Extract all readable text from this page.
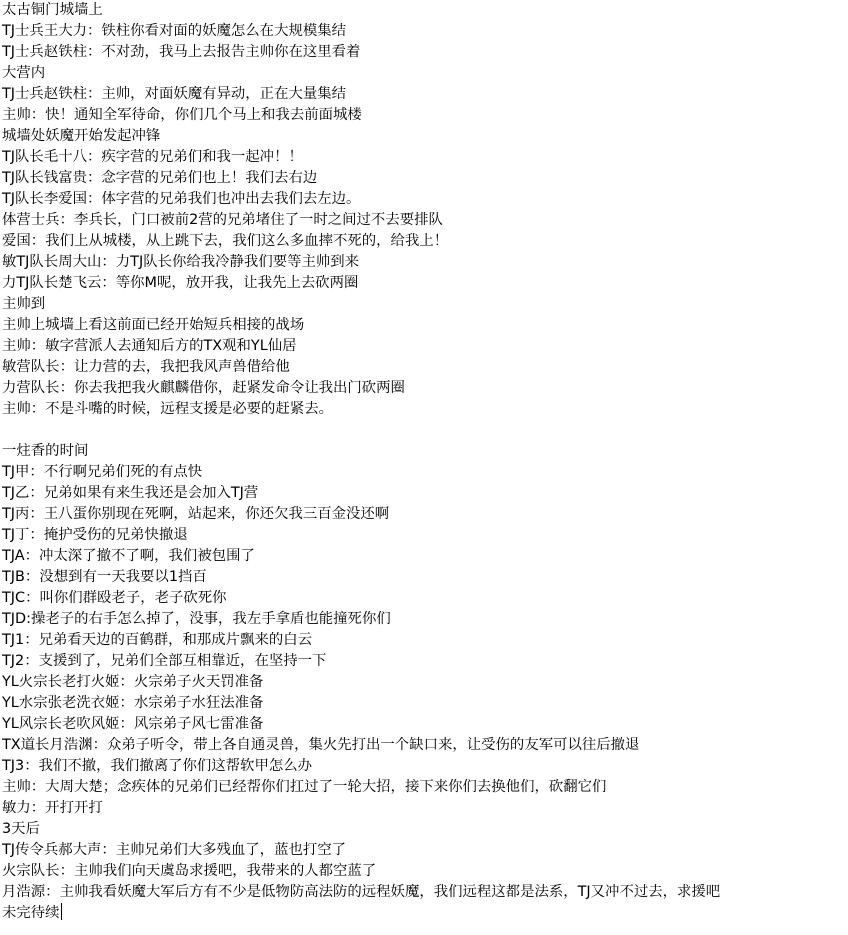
太古铜门城墙上
TJ士兵王大力：铁柱你看对面的妖魔怎么在大规模集结
TJ士兵赵铁柱：不对劲，我马上去报告主帅你在这里看着
大营内
TJ士兵赵铁柱：主帅，对面妖魔有异动，正在大量集结
主帅：快！通知全军待命，你们几个马上和我去前面城楼
城墙处妖魔开始发起冲锋
TJ队长毛十八：疾字营的兄弟们和我一起冲！！
TJ队长钱富贵：念字营的兄弟们也上！我们去右边
TJ队长李爱国：体字营的兄弟我们也冲出去我们去左边。
体营士兵：李兵长，门口被前2营的兄弟堵住了一时之间过不去要排队
爱国：我们上从城楼，从上跳下去，我们这么多血摔不死的，给我上！
敏TJ队长周大山：力TJ队长你给我冷静我们要等主帅到来
力TJ队长楚飞云：等你M呢，放开我，让我先上去砍两圈
主帅到
主帅上城墙上看这前面已经开始短兵相接的战场
主帅：敏字营派人去通知后方的TX观和YL仙居
敏营队长：让力营的去，我把我风声兽借给他
力营队长：你去我把我火麒麟借你，赶紧发命令让我出门砍两圈
主帅：不是斗嘴的时候，远程支援是必要的赶紧去。
一炷香的时间
TJ甲：不行啊兄弟们死的有点快
TJ乙：兄弟如果有来生我还是会加入TJ营
TJ丙：王八蛋你别现在死啊，站起来，你还欠我三百金没还啊
TJ丁：掩护受伤的兄弟快撤退
TJA：冲太深了撤不了啊，我们被包围了
TJB：没想到有一天我要以1挡百
TJC：叫你们群殴老子，老子砍死你
TJD:操老子的右手怎么掉了，没事，我左手拿盾也能撞死你们
TJ1：兄弟看天边的百鹤群，和那成片飘来的白云
TJ2：支援到了，兄弟们全部互相靠近，在坚持一下
YL火宗长老打火姬：火宗弟子火天罚准备
YL水宗张老洗衣姬：水宗弟子水狂法准备
YL风宗长老吹风姬：风宗弟子风七雷准备
TX道长月浩渊：众弟子听令，带上各自通灵兽，集火先打出一个缺口来，让受伤的友军可以往后撤退
TJ3：我们不撤，我们撤离了你们这帮软甲怎么办
主帅：大周大楚；念疾体的兄弟们已经帮你们扛过了一轮大招，接下来你们去换他们，砍翻它们
敏力：开打开打
3天后
TJ传令兵郝大声：主帅兄弟们大多残血了，蓝也打空了
火宗队长：主帅我们向天虞岛求援吧，我带来的人都空蓝了
月浩源：主帅我看妖魔大军后方有不少是低物防高法防的远程妖魔，我们远程这都是法系，TJ又冲不过去，求援吧
未完待续
